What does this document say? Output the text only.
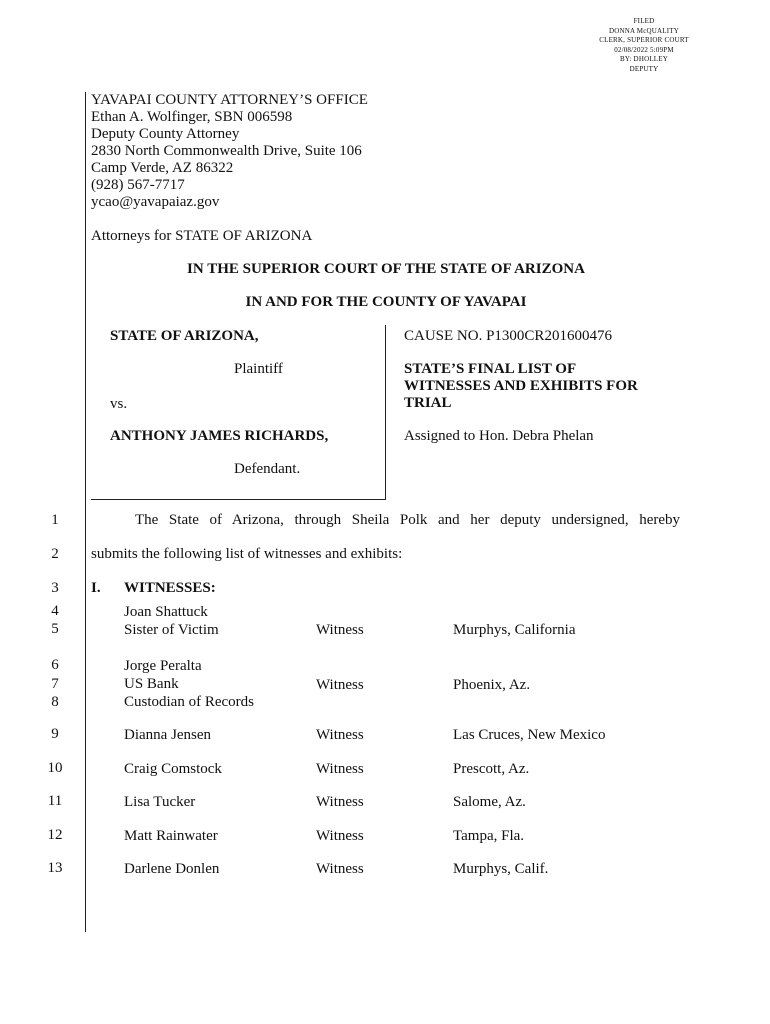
FILED
DONNA McQUALITY
CLERK, SUPERIOR COURT
02/08/2022 5:09PM
BY: DHOLLEY
DEPUTY
YAVAPAI COUNTY ATTORNEY’S OFFICE
Ethan A. Wolfinger, SBN 006598
Deputy County Attorney
2830 North Commonwealth Drive, Suite 106
Camp Verde, AZ 86322
(928) 567-7717
ycao@yavapaiaz.gov
Attorneys for STATE OF ARIZONA
IN THE SUPERIOR COURT OF THE STATE OF ARIZONA
IN AND FOR THE COUNTY OF YAVAPAI
STATE OF ARIZONA,
Plaintiff
vs.
ANTHONY JAMES RICHARDS,
Defendant.
CAUSE NO. P1300CR201600476
STATE’S FINAL LIST OF
WITNESSES AND EXHIBITS FOR
TRIAL
Assigned to Hon. Debra Phelan
1
2
3
4
5
6
7
8
9
10
11
12
13
The State of Arizona, through Sheila Polk and her deputy undersigned, hereby
submits the following list of witnesses and exhibits:
I. WITNESSES:
Joan Shattuck
Sister of Victim	Witness	Murphys, California
Jorge Peralta
US Bank
Custodian of Records
Witness	Phoenix, Az.
Dianna Jensen	Witness	Las Cruces, New Mexico
Craig Comstock	Witness	Prescott, Az.
Lisa Tucker	Witness	Salome, Az.
Matt Rainwater	Witness	Tampa, Fla.
Darlene Donlen	Witness	Murphys, Calif.
